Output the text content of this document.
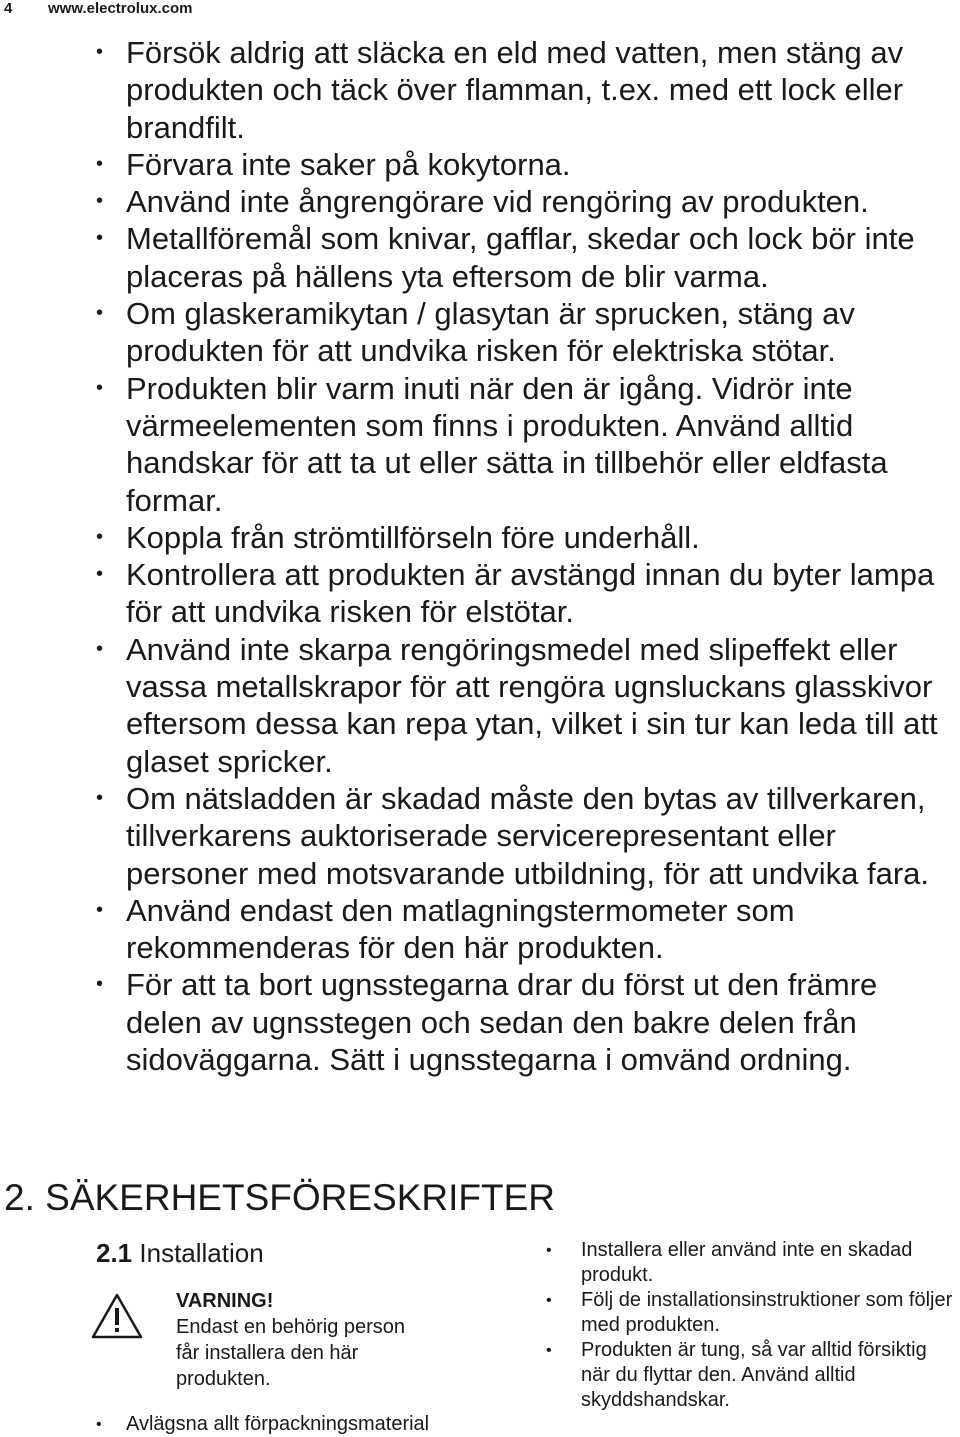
4 www.electrolux.com
• Försök aldrig att släcka en eld med vatten, men stäng av produkten och täck över flamman, t.ex. med ett lock eller brandfilt.
• Förvara inte saker på kokytorna.
• Använd inte ångrengörare vid rengöring av produkten.
• Metallföremål som knivar, gafflar, skedar och lock bör inte placeras på hällens yta eftersom de blir varma.
• Om glaskeramikytan / glasytan är sprucken, stäng av produkten för att undvika risken för elektriska stötar.
• Produkten blir varm inuti när den är igång. Vidrör inte värmeelementen som finns i produkten. Använd alltid handskar för att ta ut eller sätta in tillbehör eller eldfasta formar.
• Koppla från strömtillförseln före underhåll.
• Kontrollera att produkten är avstängd innan du byter lampa för att undvika risken för elstötar.
• Använd inte skarpa rengöringsmedel med slipeffekt eller vassa metallskrapor för att rengöra ugnsluckans glasskivor eftersom dessa kan repa ytan, vilket i sin tur kan leda till att glaset spricker.
• Om nätsladden är skadad måste den bytas av tillverkaren, tillverkarens auktoriserade servicerepresentant eller personer med motsvarande utbildning, för att undvika fara.
• Använd endast den matlagningstermometer som rekommenderas för den här produkten.
• För att ta bort ugnsstegarna drar du först ut den främre delen av ugnsstegen och sedan den bakre delen från sidoväggarna. Sätt i ugnsstegarna i omvänd ordning.
2. SÄKERHETSFÖRESKRIFTER
2.1 Installation
VARNING!
Endast en behörig person
får installera den här
produkten.
• Avlägsna allt förpackningsmaterial
• Installera eller använd inte en skadad produkt.
• Följ de installationsinstruktioner som följer med produkten.
• Produkten är tung, så var alltid försiktig när du flyttar den. Använd alltid skyddshandskar.
